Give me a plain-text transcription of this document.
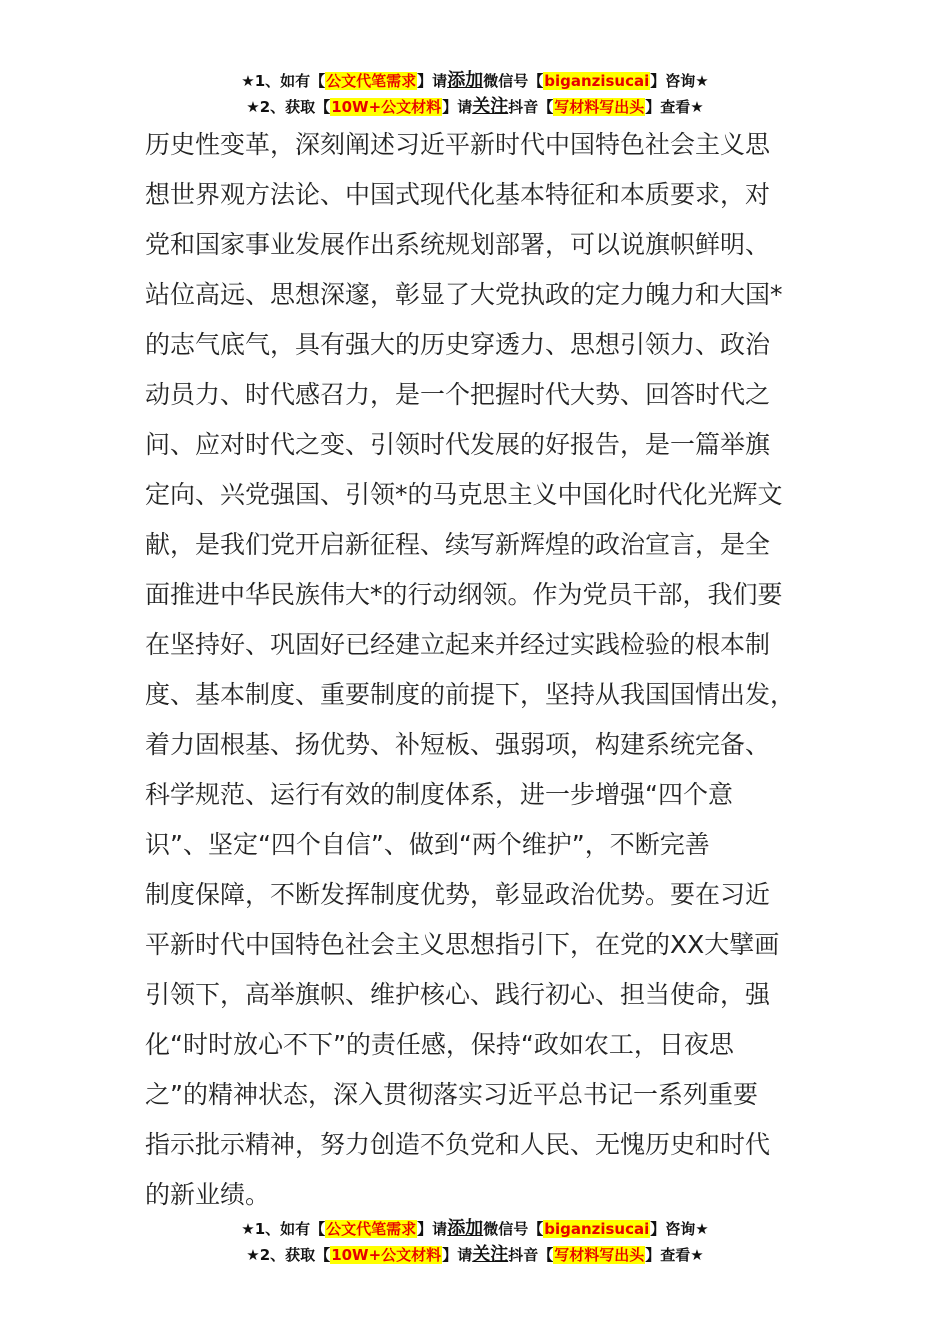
★1、如有【公文代笔需求】请添加微信号【biganzisucai】咨询★
★2、获取【10W+公文材料】请关注抖音【写材料写出头】查看★
历史性变革，深刻阐述习近平新时代中国特色社会主义思
想世界观方法论、中国式现代化基本特征和本质要求，对
党和国家事业发展作出系统规划部署，可以说旗帜鲜明、
站位高远、思想深邃，彰显了大党执政的定力魄力和大国*
的志气底气，具有强大的历史穿透力、思想引领力、政治
动员力、时代感召力，是一个把握时代大势、回答时代之
问、应对时代之变、引领时代发展的好报告，是一篇举旗
定向、兴党强国、引领*的马克思主义中国化时代化光辉文
献，是我们党开启新征程、续写新辉煌的政治宣言，是全
面推进中华民族伟大*的行动纲领。作为党员干部，我们要
在坚持好、巩固好已经建立起来并经过实践检验的根本制
度、基本制度、重要制度的前提下，坚持从我国国情出发，
着力固根基、扬优势、补短板、强弱项，构建系统完备、
科学规范、运行有效的制度体系，进一步增强“四个意
识”、坚定“四个自信”、做到“两个维护”，不断完善
制度保障，不断发挥制度优势，彰显政治优势。要在习近
平新时代中国特色社会主义思想指引下，在党的XX大擘画
引领下，高举旗帜、维护核心、践行初心、担当使命，强
化“时时放心不下”的责任感，保持“政如农工，日夜思
之”的精神状态，深入贯彻落实习近平总书记一系列重要
指示批示精神，努力创造不负党和人民、无愧历史和时代
的新业绩。
★1、如有【公文代笔需求】请添加微信号【biganzisucai】咨询★
★2、获取【10W+公文材料】请关注抖音【写材料写出头】查看★
